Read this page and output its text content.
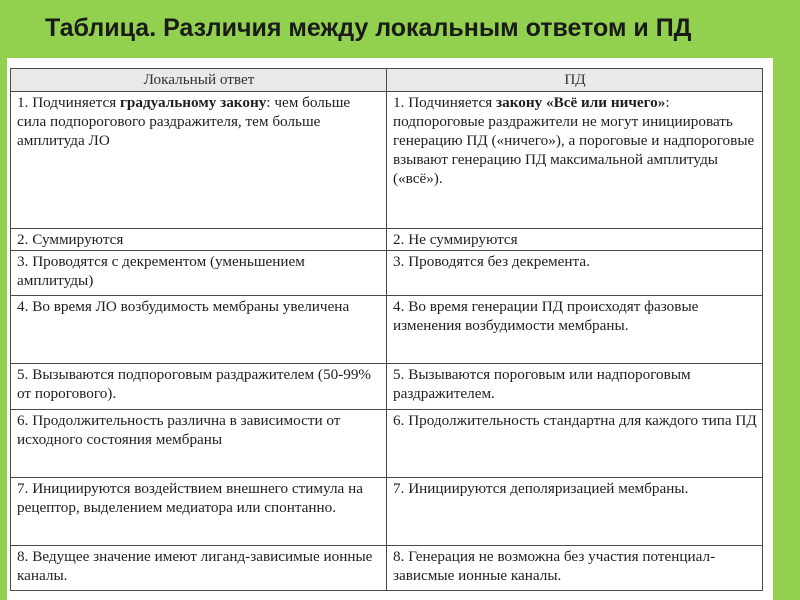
Таблица. Различия между локальным ответом и ПД
Локальный ответ	ПД
1. Подчиняется градуальному закону: чем больше сила подпорогового раздражителя, тем больше амплитуда ЛО	1. Подчиняется закону «Всё или ничего»: подпороговые раздражители не могут инициировать генерацию ПД («ничего»), а пороговые и надпороговые взывают генерацию ПД максимальной амплитуды («всё»).
2. Суммируются	2. Не суммируются
3. Проводятся с декрементом (уменьшением амплитуды)	3. Проводятся без декремента.
4. Во время ЛО возбудимость мембраны увеличена	4. Во время генерации ПД происходят фазовые изменения возбудимости мембраны.
5. Вызываются подпороговым раздражителем (50-99% от порогового).	5. Вызываются пороговым или надпороговым раздражителем.
6. Продолжительность различна в зависимости от исходного состояния мембраны	6. Продолжительность стандартна для каждого типа ПД
7. Инициируются воздействием внешнего стимула на рецептор, выделением медиатора или спонтанно.	7. Инициируются деполяризацией мембраны.
8. Ведущее значение имеют лиганд-зависимые ионные каналы.	8. Генерация не возможна без участия потенциал-зависмые ионные каналы.
